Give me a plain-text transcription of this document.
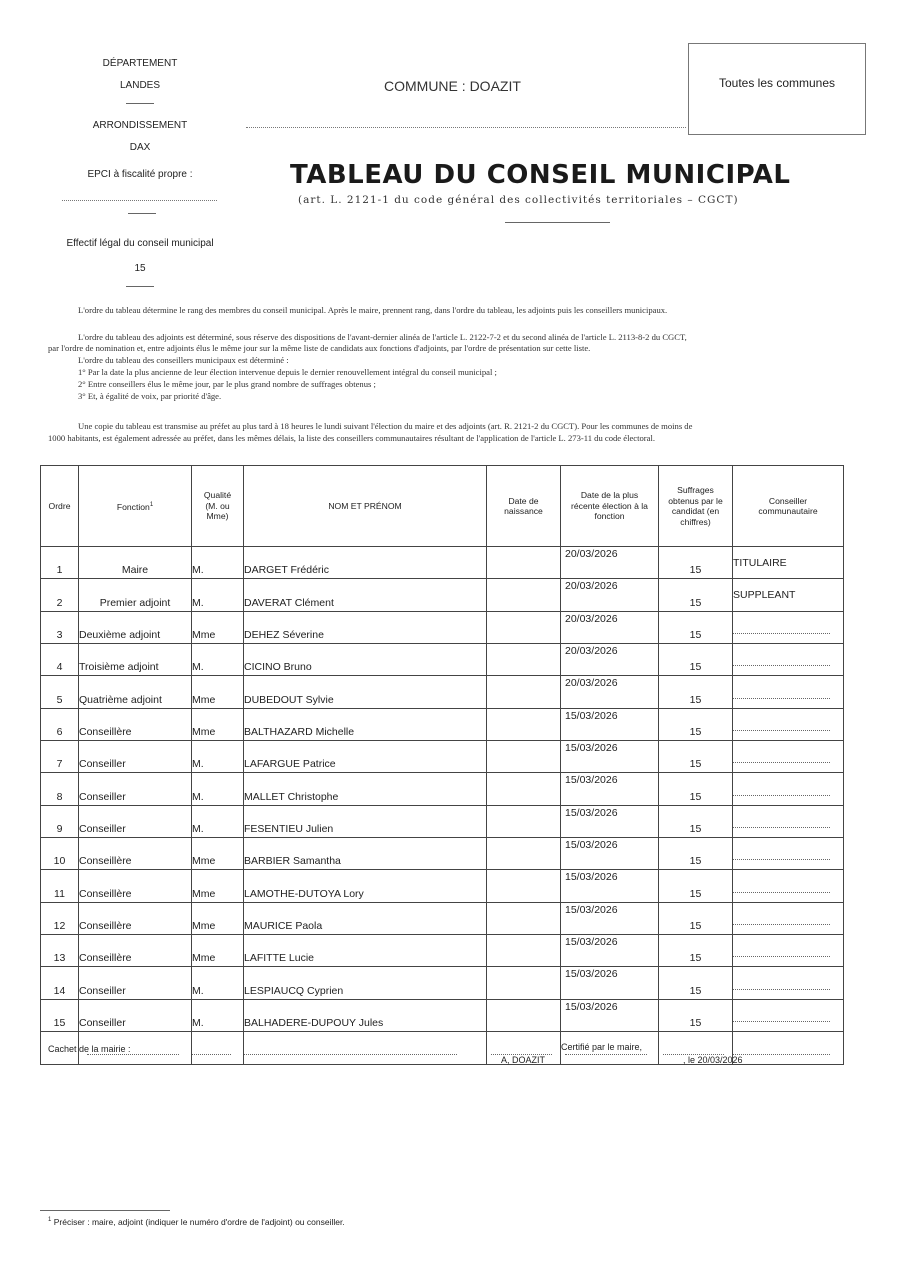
DÉPARTEMENT
LANDES
ARRONDISSEMENT
DAX
EPCI à fiscalité propre :
Effectif légal du conseil municipal
15
COMMUNE : DOAZIT	Toutes les communes
TABLEAU DU CONSEIL MUNICIPAL
(art. L. 2121-1 du code général des collectivités territoriales – CGCT)
L'ordre du tableau détermine le rang des membres du conseil municipal. Après le maire, prennent rang, dans l'ordre du tableau, les adjoints puis les conseillers municipaux.
L'ordre du tableau des adjoints est déterminé, sous réserve des dispositions de l'avant-dernier alinéa de l'article L. 2122-7-2 et du second alinéa de l'article L. 2113-8-2 du CGCT,
par l'ordre de nomination et, entre adjoints élus le même jour sur la même liste de candidats aux fonctions d'adjoints, par l'ordre de présentation sur cette liste.
L'ordre du tableau des conseillers municipaux est déterminé :
1° Par la date la plus ancienne de leur élection intervenue depuis le dernier renouvellement intégral du conseil municipal ;
2° Entre conseillers élus le même jour, par le plus grand nombre de suffrages obtenus ;
3° Et, à égalité de voix, par priorité d'âge.
Une copie du tableau est transmise au préfet au plus tard à 18 heures le lundi suivant l'élection du maire et des adjoints (art. R. 2121-2 du CGCT). Pour les communes de moins de
1000 habitants, est également adressée au préfet, dans les mêmes délais, la liste des conseillers communautaires résultant de l'application de l'article L. 273-11 du code électoral.
Ordre	Fonction$^1$	Qualité (M. ou Mme)	NOM ET PRÉNOM	Date de naissance	Date de la plus récente élection à la fonction	Suffrages obtenus par le candidat (en chiffres)	Conseiller communautaire
1	Maire	M.	DARGET Frédéric		20/03/2026	15	TITULAIRE
2	Premier adjoint	M.	DAVERAT Clément		20/03/2026	15	SUPPLEANT
3	Deuxième adjoint	Mme	DEHEZ Séverine		20/03/2026	15	
4	Troisième adjoint	M.	CICINO Bruno		20/03/2026	15	
5	Quatrième adjoint	Mme	DUBEDOUT Sylvie		20/03/2026	15	
6	Conseillère	Mme	BALTHAZARD Michelle		15/03/2026	15	
7	Conseiller	M.	LAFARGUE Patrice		15/03/2026	15	
8	Conseiller	M.	MALLET Christophe		15/03/2026	15	
9	Conseiller	M.	FESENTIEU Julien		15/03/2026	15	
10	Conseillère	Mme	BARBIER Samantha		15/03/2026	15	
11	Conseillère	Mme	LAMOTHE-DUTOYA Lory		15/03/2026	15	
12	Conseillère	Mme	MAURICE Paola		15/03/2026	15	
13	Conseillère	Mme	LAFITTE Lucie		15/03/2026	15	
14	Conseiller	M.	LESPIAUCQ Cyprien		15/03/2026	15	
15	Conseiller	M.	BALHADERE-DUPOUY Jules		15/03/2026	15	

Cachet de la mairie :	Certifié par le maire,
A, DOAZIT	, le 20/03/2026
$^1$ Préciser : maire, adjoint (indiquer le numéro d'ordre de l'adjoint) ou conseiller.
